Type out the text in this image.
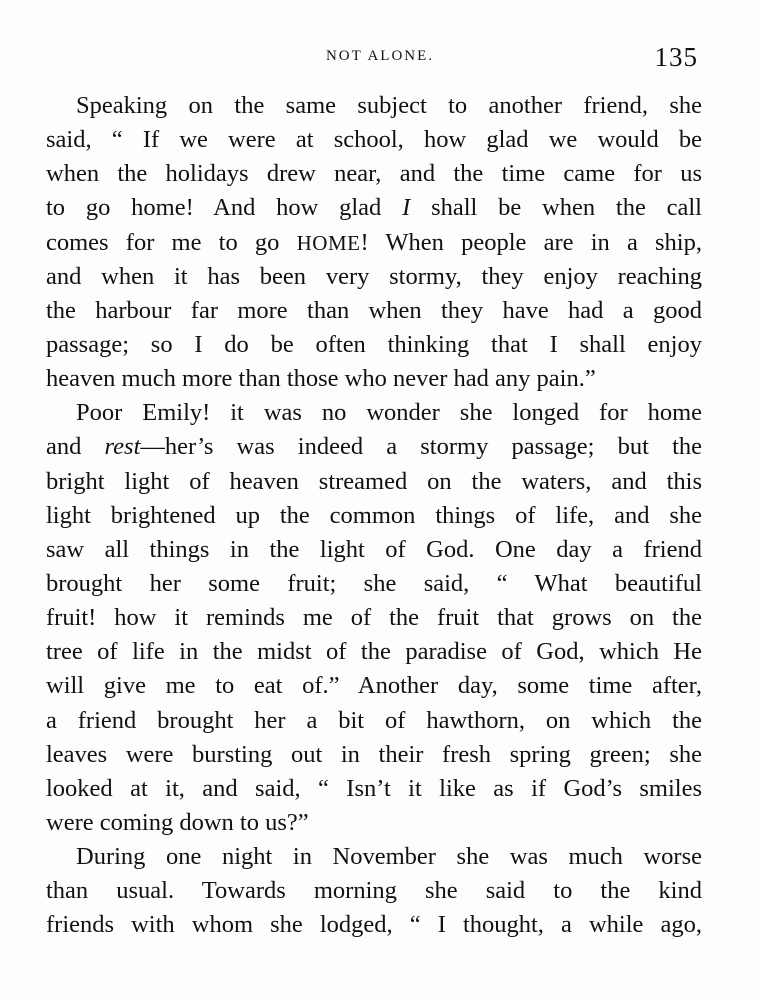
NOT ALONE.	135
Speaking on the same subject to another friend, she
said, “ If we were at school, how glad we would be
when the holidays drew near, and the time came for us
to go home! And how glad I shall be when the call
comes for me to go HOME! When people are in a ship,
and when it has been very stormy, they enjoy reaching
the harbour far more than when they have had a good
passage; so I do be often thinking that I shall enjoy
heaven much more than those who never had any pain.”
Poor Emily! it was no wonder she longed for home
and rest—her’s was indeed a stormy passage; but the
bright light of heaven streamed on the waters, and this
light brightened up the common things of life, and she
saw all things in the light of God. One day a friend
brought her some fruit; she said, “ What beautiful
fruit! how it reminds me of the fruit that grows on the
tree of life in the midst of the paradise of God, which He
will give me to eat of.” Another day, some time after,
a friend brought her a bit of hawthorn, on which the
leaves were bursting out in their fresh spring green; she
looked at it, and said, “ Isn’t it like as if God’s smiles
were coming down to us?”
During one night in November she was much worse
than usual. Towards morning she said to the kind
friends with whom she lodged, “ I thought, a while ago,
